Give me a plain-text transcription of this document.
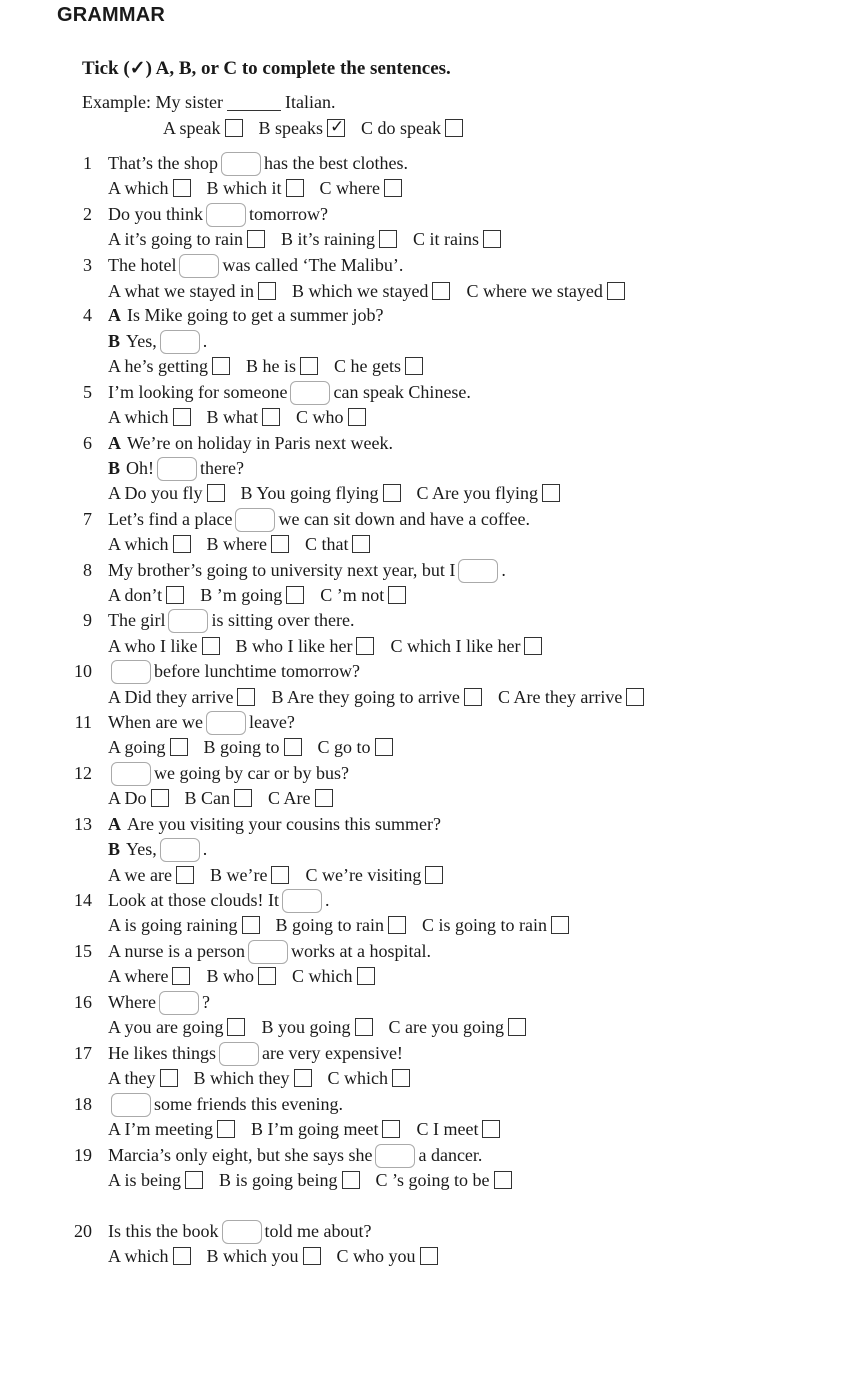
GRAMMAR
Tick (✓) A, B, or C to complete the sentences.
Example: My sister	Italian.
A speak B speaks✓ C do speak
1 That’s the shop	has the best clothes.
A which B which it C where
2 Do you think	tomorrow?
A it’s going to rain B it’s raining C it rains
3 The hotel	was called ‘The Malibu’.
A what we stayed in B which we stayed C where we stayed
4 A Is Mike going to get a summer job?
B Yes,	.
A he’s getting B he is C he gets
5 I’m looking for someone	can speak Chinese.
A which B what C who
6 A We’re on holiday in Paris next week.
B Oh!	there?
A Do you fly B You going flying C Are you flying
7 Let’s find a place	we can sit down and have a coffee.
A which B where C that
8 My brother’s going to university next year, but I	.
A don’t B ’m going C ’m not
9 The girl	is sitting over there.
A who I like B who I like her C which I like her
10	before lunchtime tomorrow?
A Did they arrive B Are they going to arrive C Are they arrive
11 When are we	leave?
A going B going to C go to
12	we going by car or by bus?
A Do B Can C Are
13 A Are you visiting your cousins this summer?
B Yes,	.
A we are B we’re C we’re visiting
14 Look at those clouds! It	.
A is going raining B going to rain C is going to rain
15 A nurse is a person	works at a hospital.
A where B who C which
16 Where	?
A you are going B you going C are you going
17 He likes things	are very expensive!
A they B which they C which
18	some friends this evening.
A I’m meeting B I’m going meet C I meet
19 Marcia’s only eight, but she says she	a dancer.
A is being B is going being C ’s going to be
20 Is this the book	told me about?
A which B which you C who you
